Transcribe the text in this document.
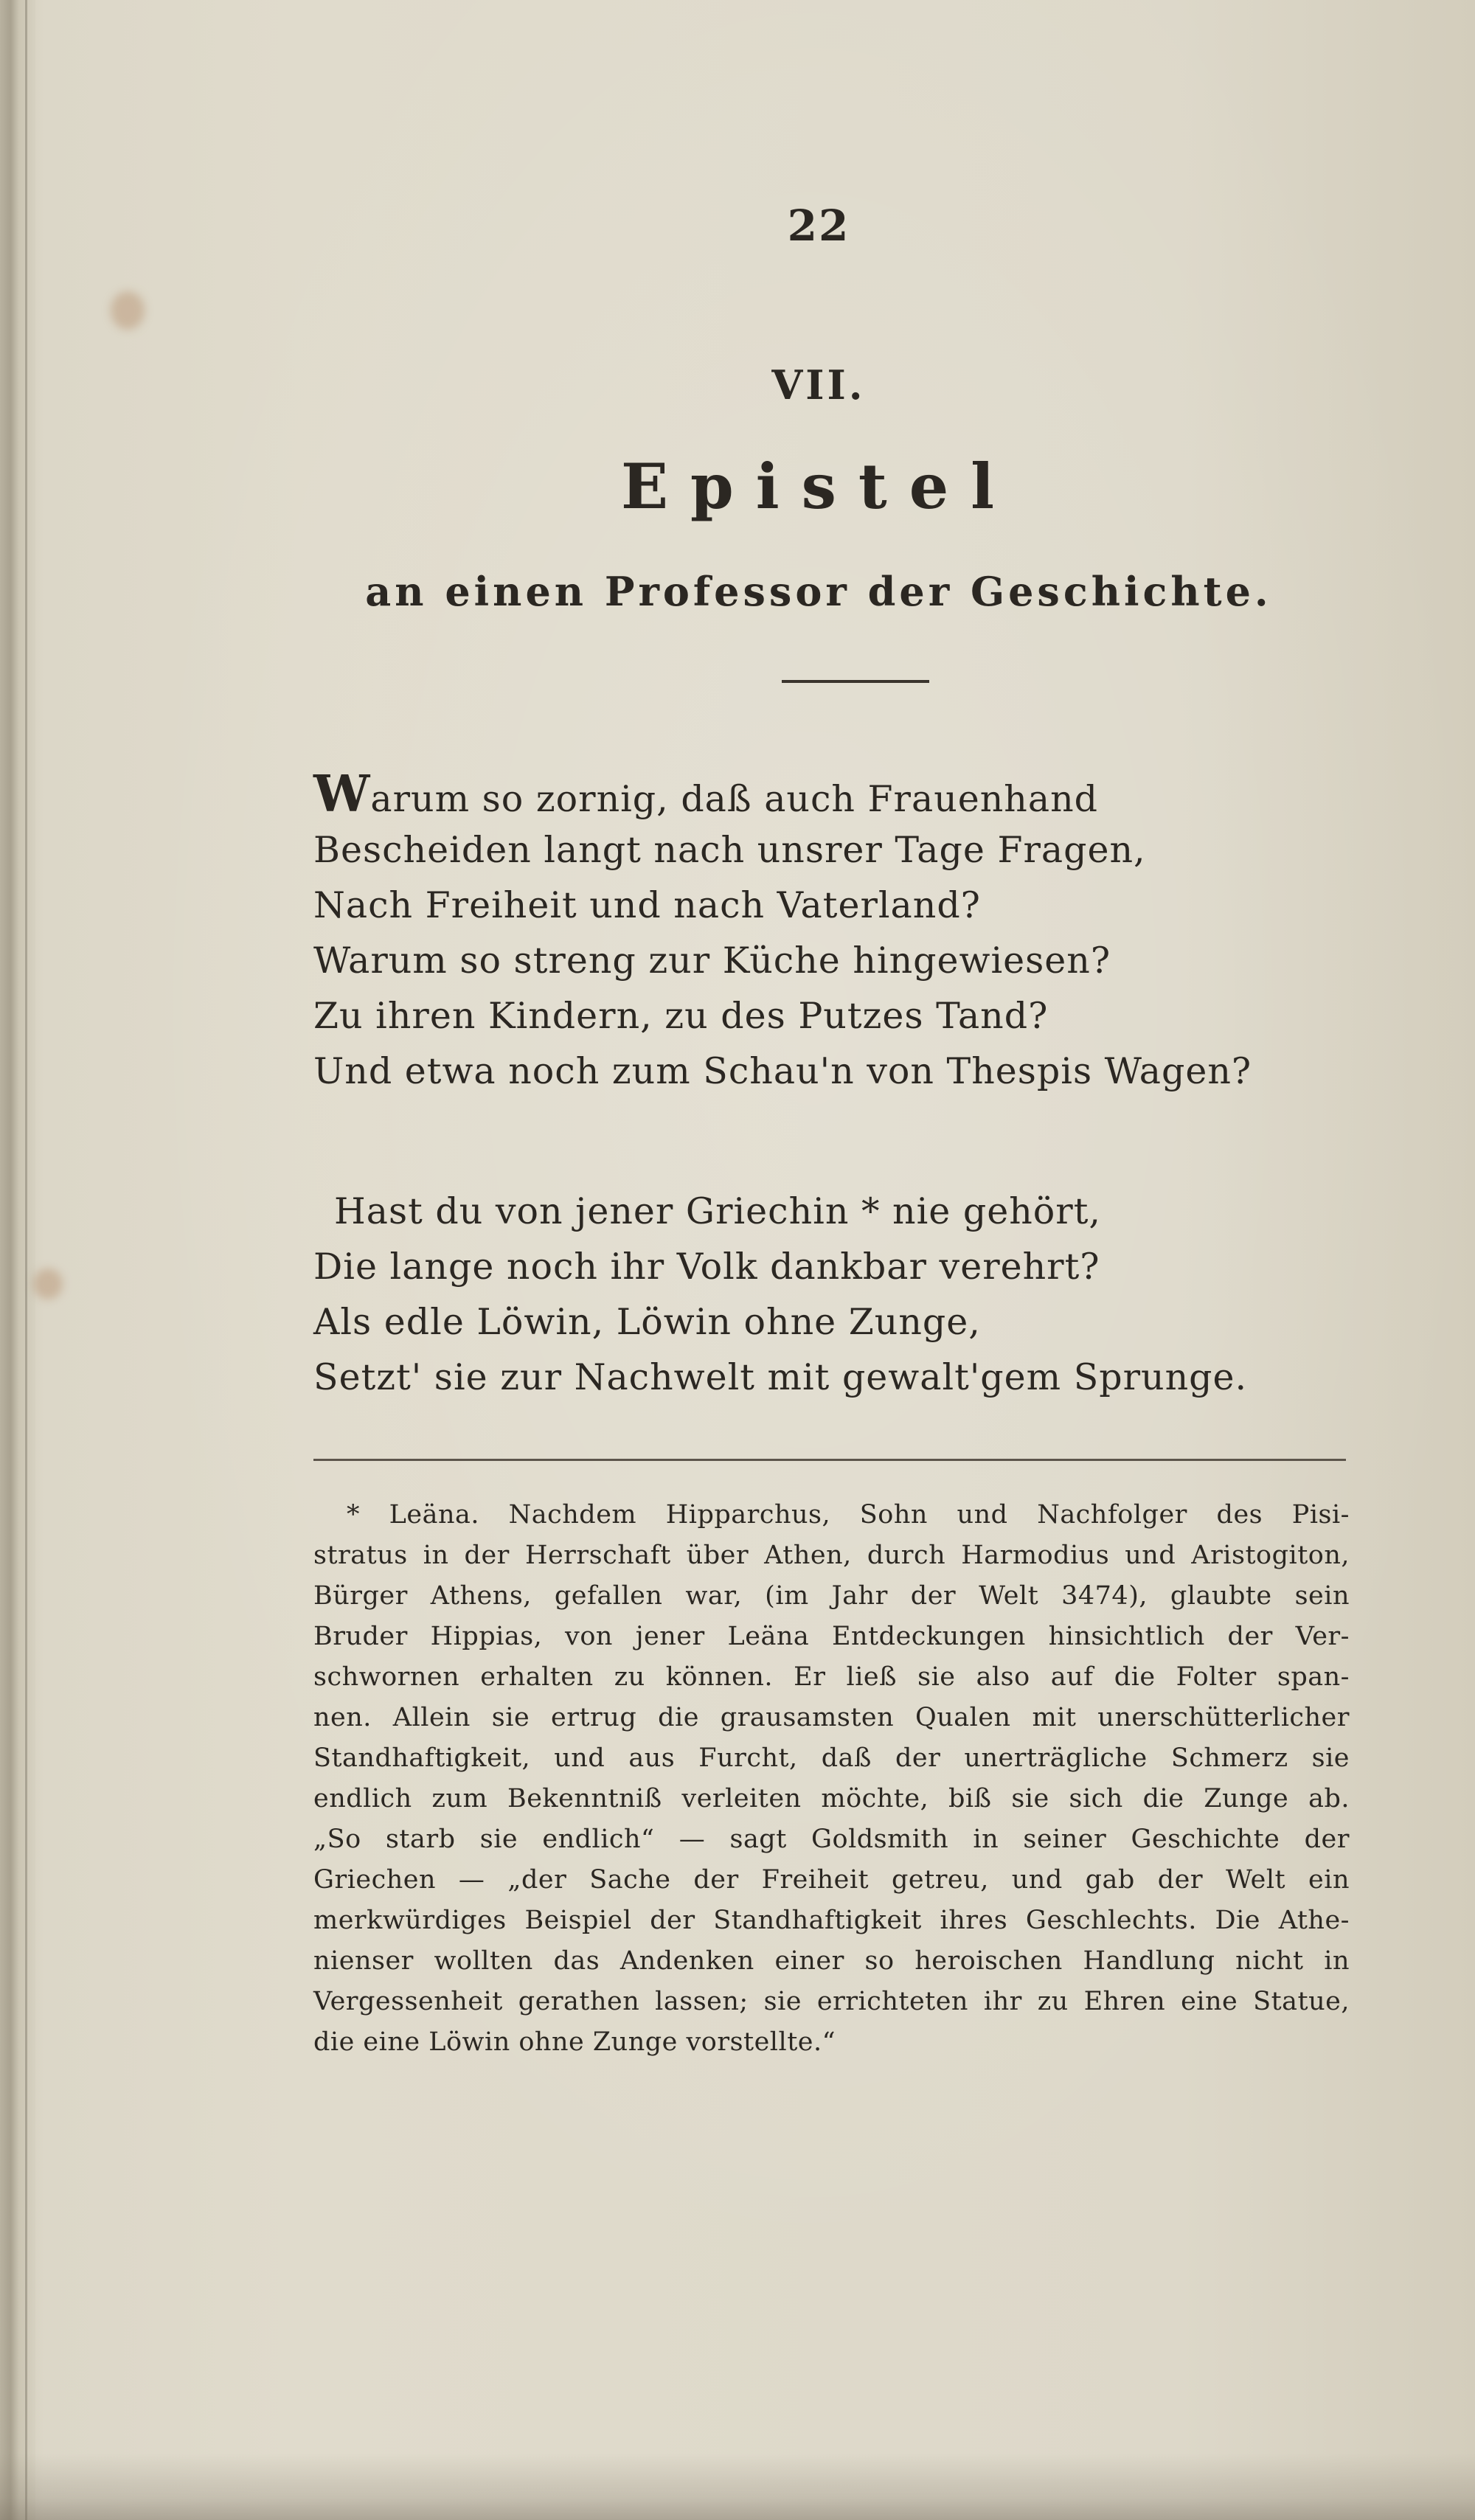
22
VII.
Epistel
an einen Professor der Geschichte.
Warum so zornig, daß auch Frauenhand
Bescheiden langt nach unsrer Tage Fragen,
Nach Freiheit und nach Vaterland?
Warum so streng zur Küche hingewiesen?
Zu ihren Kindern, zu des Putzes Tand?
Und etwa noch zum Schau'n von Thespis Wagen?
Hast du von jener Griechin * nie gehört,
Die lange noch ihr Volk dankbar verehrt?
Als edle Löwin, Löwin ohne Zunge,
Setzt' sie zur Nachwelt mit gewalt'gem Sprunge.
* Leäna. Nachdem Hipparchus, Sohn und Nachfolger des Pisi-
stratus in der Herrschaft über Athen, durch Harmodius und Aristogiton,
Bürger Athens, gefallen war, (im Jahr der Welt 3474), glaubte sein
Bruder Hippias, von jener Leäna Entdeckungen hinsichtlich der Ver-
schwornen erhalten zu können. Er ließ sie also auf die Folter span-
nen. Allein sie ertrug die grausamsten Qualen mit unerschütterlicher
Standhaftigkeit, und aus Furcht, daß der unerträgliche Schmerz sie
endlich zum Bekenntniß verleiten möchte, biß sie sich die Zunge ab.
„So starb sie endlich“ — sagt Goldsmith in seiner Geschichte der
Griechen — „der Sache der Freiheit getreu, und gab der Welt ein
merkwürdiges Beispiel der Standhaftigkeit ihres Geschlechts. Die Athe-
nienser wollten das Andenken einer so heroischen Handlung nicht in
Vergessenheit gerathen lassen; sie errichteten ihr zu Ehren eine Statue,
die eine Löwin ohne Zunge vorstellte.“
